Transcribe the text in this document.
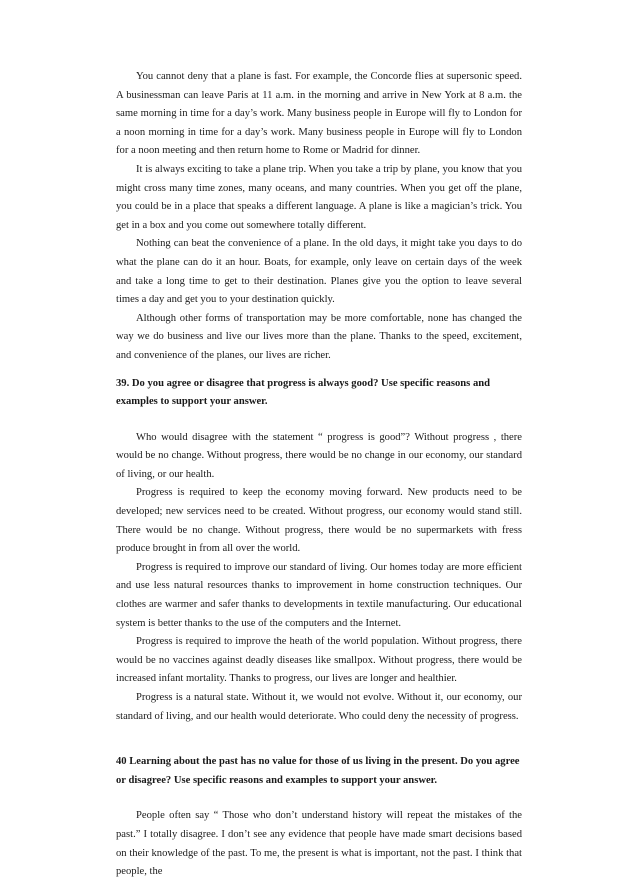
You cannot deny that a plane is fast. For example, the Concorde flies at supersonic speed. A businessman can leave Paris at 11 a.m. in the morning and arrive in New York at 8 a.m. the same morning in time for a day’s work. Many business people in Europe will fly to London for a noon morning in time for a day’s work. Many business people in Europe will fly to London for a noon meeting and then return home to Rome or Madrid for dinner.

It is always exciting to take a plane trip. When you take a trip by plane, you know that you might cross many time zones, many oceans, and many countries. When you get off the plane, you could be in a place that speaks a different language. A plane is like a magician’s trick. You get in a box and you come out somewhere totally different.

Nothing can beat the convenience of a plane. In the old days, it might take you days to do what the plane can do it an hour. Boats, for example, only leave on certain days of the week and take a long time to get to their destination. Planes give you the option to leave several times a day and get you to your destination quickly.

Although other forms of transportation may be more comfortable, none has changed the way we do business and live our lives more than the plane. Thanks to the speed, excitement, and convenience of the planes, our lives are richer.

39. Do you agree or disagree that progress is always good? Use specific reasons and examples to support your answer.

Who would disagree with the statement “ progress is good”? Without progress , there would be no change. Without progress, there would be no change in our economy, our standard of living, or our health.

Progress is required to keep the economy moving forward. New products need to be developed; new services need to be created. Without progress, our economy would stand still. There would be no change. Without progress, there would be no supermarkets with fress produce brought in from all over the world.

Progress is required to improve our standard of living. Our homes today are more efficient and use less natural resources thanks to improvement in home construction techniques. Our clothes are warmer and safer thanks to developments in textile manufacturing. Our educational system is better thanks to the use of the computers and the Internet.

Progress is required to improve the heath of the world population. Without progress, there would be no vaccines against deadly diseases like smallpox. Without progress, there would be increased infant mortality. Thanks to progress, our lives are longer and healthier.

Progress is a natural state. Without it, we would not evolve. Without it, our economy, our standard of living, and our health would deteriorate. Who could deny the necessity of progress.

40 Learning about the past has no value for those of us living in the present. Do you agree or disagree? Use specific reasons and examples to support your answer.

People often say “ Those who don’t understand history will repeat the mistakes of the past.” I totally disagree. I don’t see any evidence that people have made smart decisions based on their knowledge of the past. To me, the present is what is important, not the past. I think that people, the
